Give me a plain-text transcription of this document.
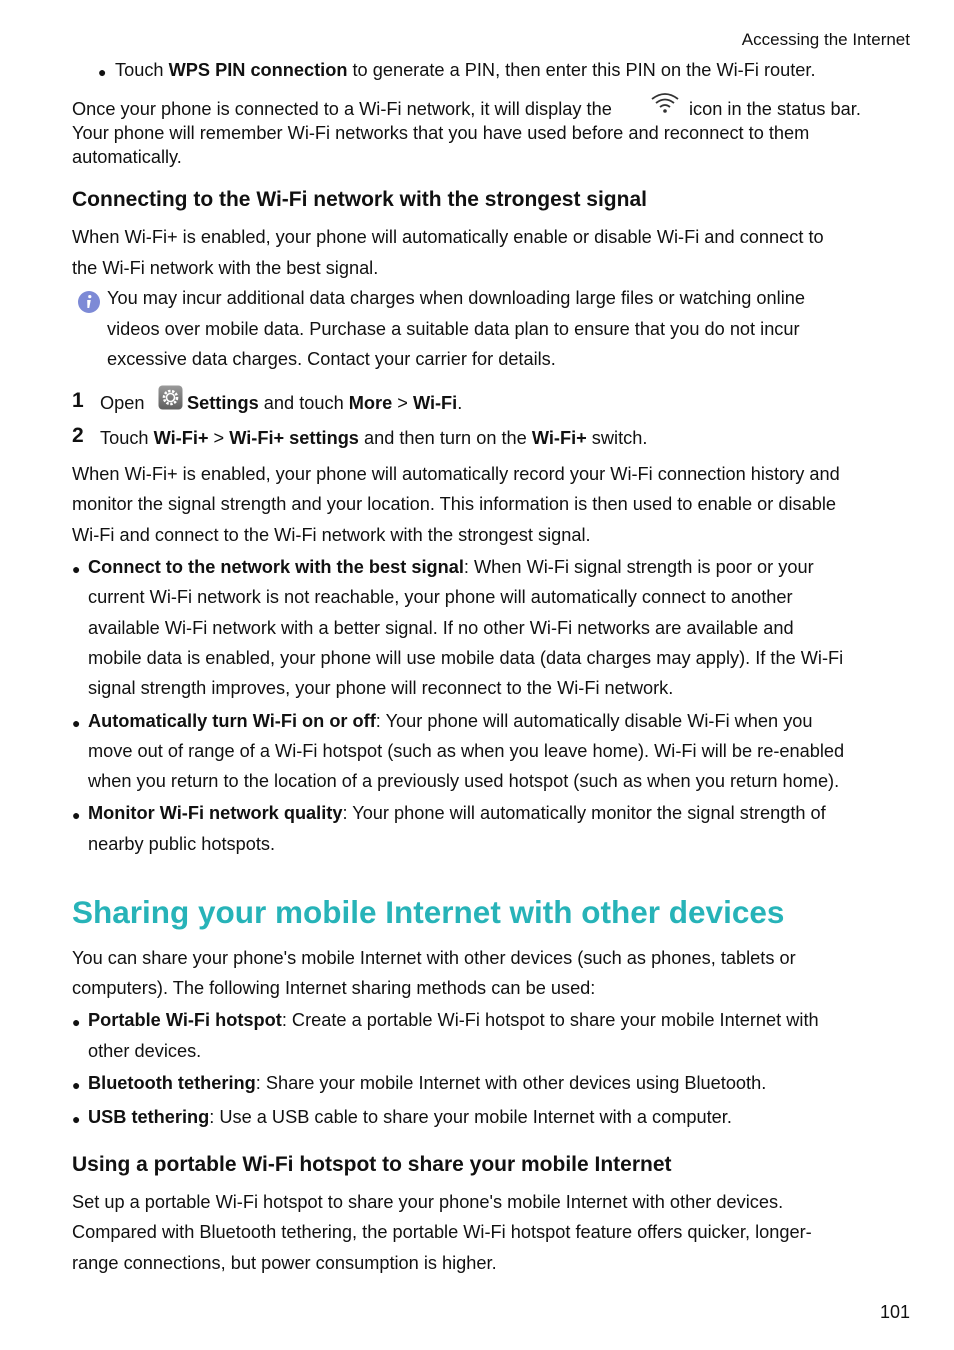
Accessing the Internet
● Touch WPS PIN connection to generate a PIN, then enter this PIN on the Wi-Fi router.
Once your phone is connected to a Wi-Fi network, it will display the	icon in the status bar.
Your phone will remember Wi-Fi networks that you have used before and reconnect to them
automatically.
Connecting to the Wi-Fi network with the strongest signal
When Wi-Fi+ is enabled, your phone will automatically enable or disable Wi-Fi and connect to
the Wi-Fi network with the best signal.
You may incur additional data charges when downloading large files or watching online
videos over mobile data. Purchase a suitable data plan to ensure that you do not incur
excessive data charges. Contact your carrier for details.
1 Open Settings and touch More > Wi-Fi.
2 Touch Wi-Fi+ > Wi-Fi+ settings and then turn on the Wi-Fi+ switch.
When Wi-Fi+ is enabled, your phone will automatically record your Wi-Fi connection history and
monitor the signal strength and your location. This information is then used to enable or disable
Wi-Fi and connect to the Wi-Fi network with the strongest signal.
● Connect to the network with the best signal: When Wi-Fi signal strength is poor or your
current Wi-Fi network is not reachable, your phone will automatically connect to another
available Wi-Fi network with a better signal. If no other Wi-Fi networks are available and
mobile data is enabled, your phone will use mobile data (data charges may apply). If the Wi-Fi
signal strength improves, your phone will reconnect to the Wi-Fi network.
● Automatically turn Wi-Fi on or off: Your phone will automatically disable Wi-Fi when you
move out of range of a Wi-Fi hotspot (such as when you leave home). Wi-Fi will be re-enabled
when you return to the location of a previously used hotspot (such as when you return home).
● Monitor Wi-Fi network quality: Your phone will automatically monitor the signal strength of
nearby public hotspots.
Sharing your mobile Internet with other devices
You can share your phone's mobile Internet with other devices (such as phones, tablets or
computers). The following Internet sharing methods can be used:
● Portable Wi-Fi hotspot: Create a portable Wi-Fi hotspot to share your mobile Internet with
other devices.
● Bluetooth tethering: Share your mobile Internet with other devices using Bluetooth.
● USB tethering: Use a USB cable to share your mobile Internet with a computer.
Using a portable Wi-Fi hotspot to share your mobile Internet
Set up a portable Wi-Fi hotspot to share your phone's mobile Internet with other devices.
Compared with Bluetooth tethering, the portable Wi-Fi hotspot feature offers quicker, longer-
range connections, but power consumption is higher.
101
